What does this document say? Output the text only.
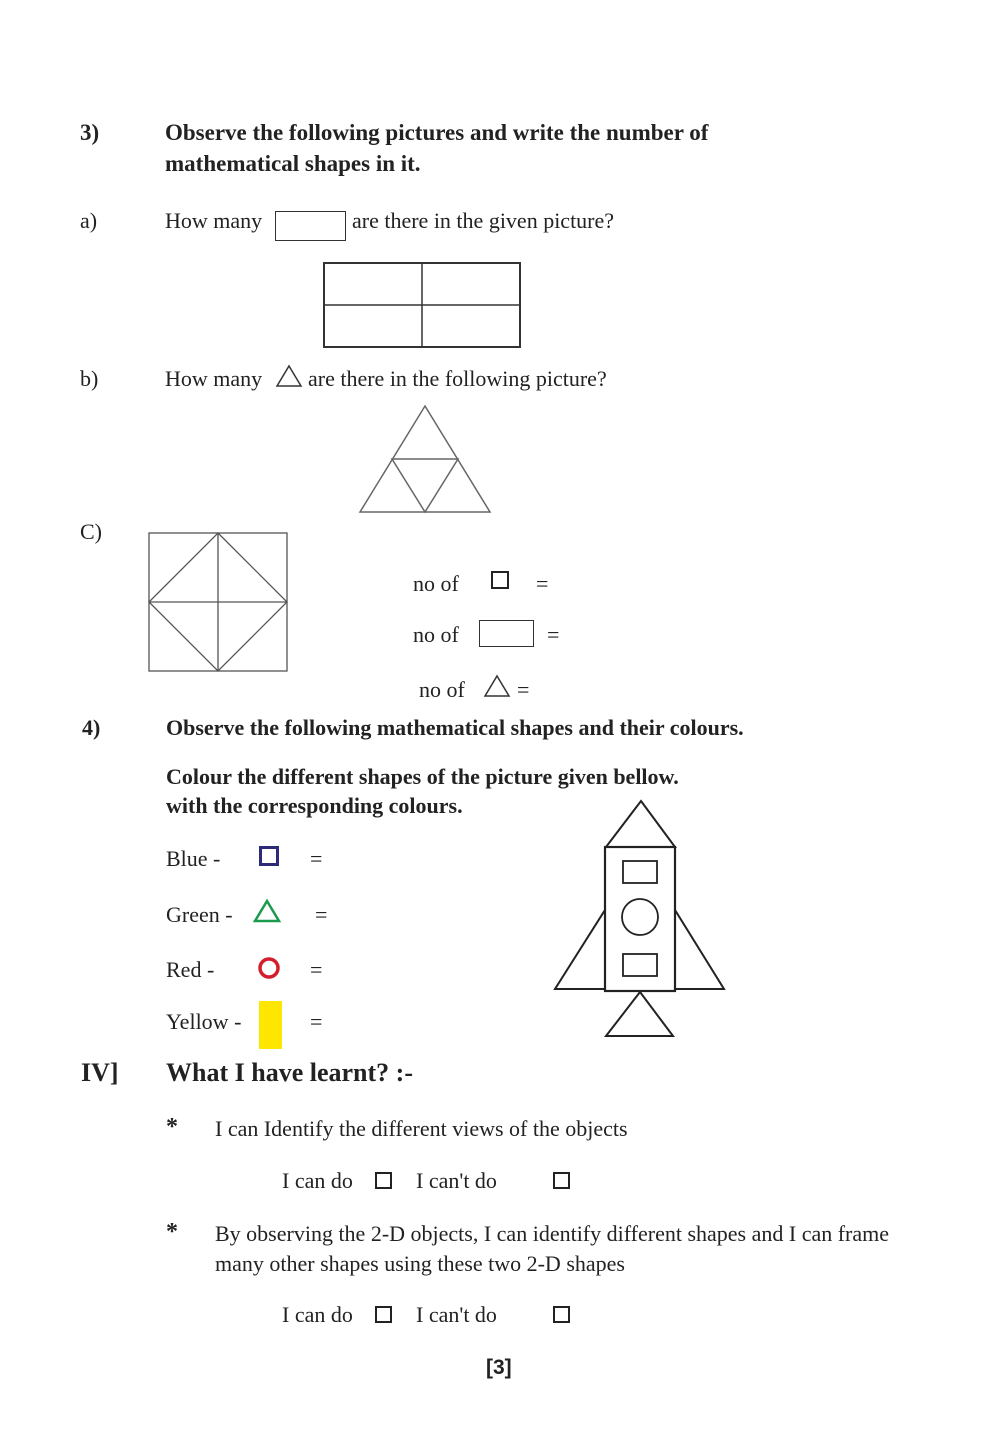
3)	Observe the following pictures and write the number of
mathematical shapes in it.
a)	How many	are there in the given picture?
b)	How many are there in the following picture?
C)
no of	=
no of	=
no of =
4)	Observe the following mathematical shapes and their colours.
Colour the different shapes of the picture given bellow.
with the corresponding colours.
Blue -	=
Green -	=
Red -	=
Yellow -	=
IV] What I have learnt? :-
* I can Identify the different views of the objects
I can do	I can't do
* By observing the 2-D objects, I can identify different shapes and I can frame
many other shapes using these two 2-D shapes
I can do	I can't do
[3]
